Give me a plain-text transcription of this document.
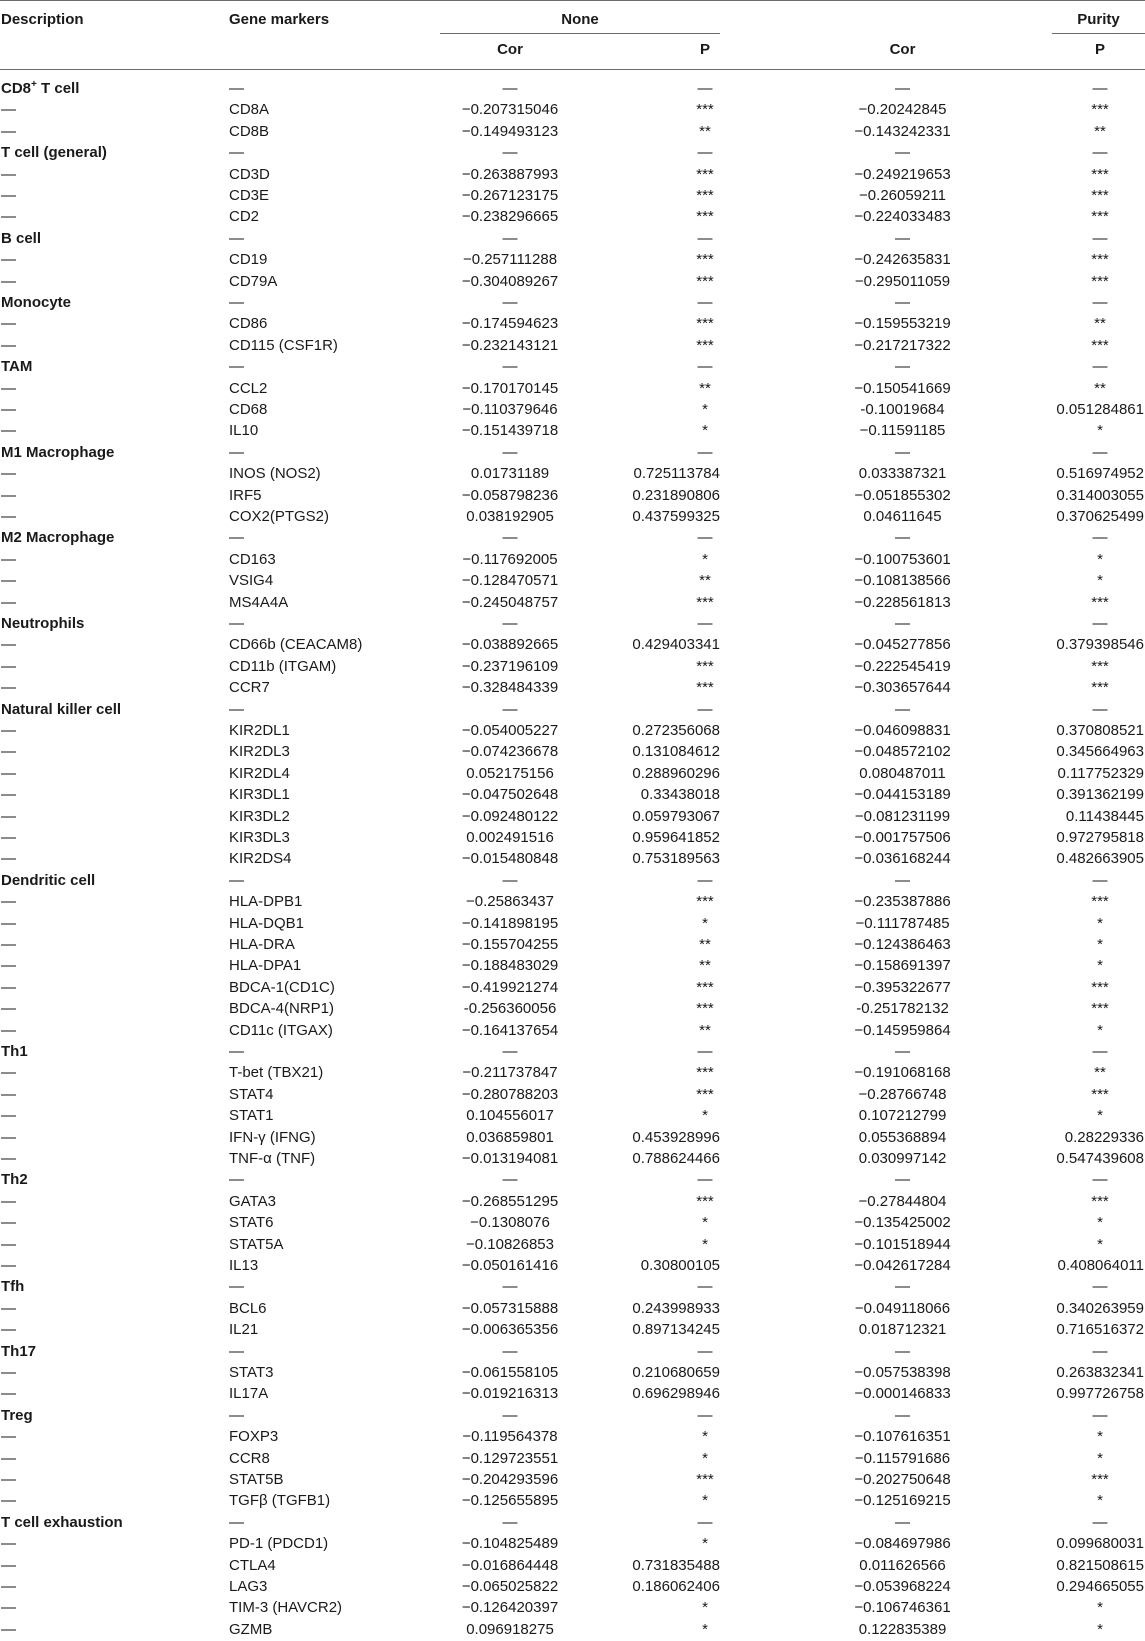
Description	Gene markers	None	Purity
Cor	P	Cor	P
CD8+ T cell	—	—	—	—	—
—	CD8A	−0.207315046	***	−0.20242845	***
—	CD8B	−0.149493123	**	−0.143242331	**
T cell (general)	—	—	—	—	—
—	CD3D	−0.263887993	***	−0.249219653	***
—	CD3E	−0.267123175	***	−0.26059211	***
—	CD2	−0.238296665	***	−0.224033483	***
B cell	—	—	—	—	—
—	CD19	−0.257111288	***	−0.242635831	***
—	CD79A	−0.304089267	***	−0.295011059	***
Monocyte	—	—	—	—	—
—	CD86	−0.174594623	***	−0.159553219	**
—	CD115 (CSF1R)	−0.232143121	***	−0.217217322	***
TAM	—	—	—	—	—
—	CCL2	−0.170170145	**	−0.150541669	**
—	CD68	−0.110379646	*	-0.10019684	0.051284861
—	IL10	−0.151439718	*	−0.11591185	*
M1 Macrophage	—	—	—	—	—
—	INOS (NOS2)	0.01731189	0.725113784	0.033387321	0.516974952
—	IRF5	−0.058798236	0.231890806	−0.051855302	0.314003055
—	COX2(PTGS2)	0.038192905	0.437599325	0.04611645	0.370625499
M2 Macrophage	—	—	—	—	—
—	CD163	−0.117692005	*	−0.100753601	*
—	VSIG4	−0.128470571	**	−0.108138566	*
—	MS4A4A	−0.245048757	***	−0.228561813	***
Neutrophils	—	—	—	—	—
—	CD66b (CEACAM8)	−0.038892665	0.429403341	−0.045277856	0.379398546
—	CD11b (ITGAM)	−0.237196109	***	−0.222545419	***
—	CCR7	−0.328484339	***	−0.303657644	***
Natural killer cell	—	—	—	—	—
—	KIR2DL1	−0.054005227	0.272356068	−0.046098831	0.370808521
—	KIR2DL3	−0.074236678	0.131084612	−0.048572102	0.345664963
—	KIR2DL4	0.052175156	0.288960296	0.080487011	0.117752329
—	KIR3DL1	−0.047502648	0.33438018	−0.044153189	0.391362199
—	KIR3DL2	−0.092480122	0.059793067	−0.081231199	0.11438445
—	KIR3DL3	0.002491516	0.959641852	−0.001757506	0.972795818
—	KIR2DS4	−0.015480848	0.753189563	−0.036168244	0.482663905
Dendritic cell	—	—	—	—	—
—	HLA-DPB1	−0.25863437	***	−0.235387886	***
—	HLA-DQB1	−0.141898195	*	−0.111787485	*
—	HLA-DRA	−0.155704255	**	−0.124386463	*
—	HLA-DPA1	−0.188483029	**	−0.158691397	*
—	BDCA-1(CD1C)	−0.419921274	***	−0.395322677	***
—	BDCA-4(NRP1)	-0.256360056	***	-0.251782132	***
—	CD11c (ITGAX)	−0.164137654	**	−0.145959864	*
Th1	—	—	—	—	—
—	T-bet (TBX21)	−0.211737847	***	−0.191068168	**
—	STAT4	−0.280788203	***	−0.28766748	***
—	STAT1	0.104556017	*	0.107212799	*
—	IFN-γ (IFNG)	0.036859801	0.453928996	0.055368894	0.28229336
—	TNF-α (TNF)	−0.013194081	0.788624466	0.030997142	0.547439608
Th2	—	—	—	—	—
—	GATA3	−0.268551295	***	−0.27844804	***
—	STAT6	−0.1308076	*	−0.135425002	*
—	STAT5A	−0.10826853	*	−0.101518944	*
—	IL13	−0.050161416	0.30800105	−0.042617284	0.408064011
Tfh	—	—	—	—	—
—	BCL6	−0.057315888	0.243998933	−0.049118066	0.340263959
—	IL21	−0.006365356	0.897134245	0.018712321	0.716516372
Th17	—	—	—	—	—
—	STAT3	−0.061558105	0.210680659	−0.057538398	0.263832341
—	IL17A	−0.019216313	0.696298946	−0.000146833	0.997726758
Treg	—	—	—	—	—
—	FOXP3	−0.119564378	*	−0.107616351	*
—	CCR8	−0.129723551	*	−0.115791686	*
—	STAT5B	−0.204293596	***	−0.202750648	***
—	TGFβ (TGFB1)	−0.125655895	*	−0.125169215	*
T cell exhaustion	—	—	—	—	—
—	PD-1 (PDCD1)	−0.104825489	*	−0.084697986	0.099680031
—	CTLA4	−0.016864448	0.731835488	0.011626566	0.821508615
—	LAG3	−0.065025822	0.186062406	−0.053968224	0.294665055
—	TIM-3 (HAVCR2)	−0.126420397	*	−0.106746361	*
—	GZMB	0.096918275	*	0.122835389	*
